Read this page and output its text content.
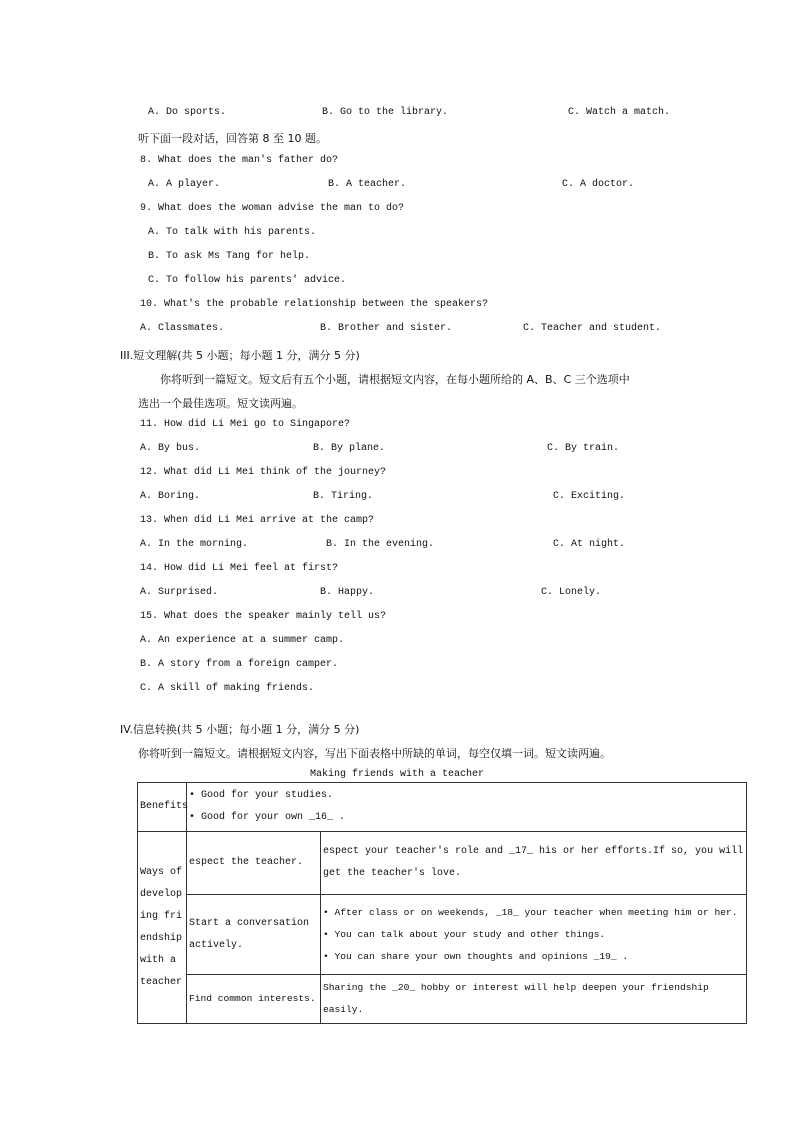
A. Do sports.	B. Go to the library.	C. Watch a match.
听下面一段对话，回答第 8 至 10 题。
8. What does the man's father do?
A. A player.	B. A teacher.	C. A doctor.
9. What does the woman advise the man to do?
A. To talk with his parents.
B. To ask Ms Tang for help.
C. To follow his parents' advice.
10. What's the probable relationship between the speakers?
A. Classmates.	B. Brother and sister.	C. Teacher and student.
III.短文理解(共 5 小题；每小题 1 分，满分 5 分)
你将听到一篇短文。短文后有五个小题，请根据短文内容，在每小题所给的 A、B、C 三个选项中
选出一个最佳选项。短文读两遍。
11. How did Li Mei go to Singapore?
A. By bus.	B. By plane.	C. By train.
12. What did Li Mei think of the journey?
A. Boring.	B. Tiring.	C. Exciting.
13. When did Li Mei arrive at the camp?
A. In the morning.	B. In the evening.	C. At night.
14. How did Li Mei feel at first?
A. Surprised.	B. Happy.	C. Lonely.
15. What does the speaker mainly tell us?
A. An experience at a summer camp.
B. A story from a foreign camper.
C. A skill of making friends.
IV.信息转换(共 5 小题；每小题 1 分，满分 5 分)
你将听到一篇短文。请根据短文内容，写出下面表格中所缺的单词，每空仅填一词。短文读两遍。
Making friends with a teacher
Benefits	• Good for your studies.
• Good for your own _16_ .	

Ways of developing friendship with a teacher	espect the teacher.	espect your teacher's role and _17_ his or her efforts.If so, you will get the teacher's love.
	Start a conversation actively.	• After class or on weekends, _18_ your teacher when meeting him or her.
• You can talk about your study and other things.
• You can share your own thoughts and opinions _19_ .

	Find common interests.	Sharing the _20_ hobby or interest will help deepen your friendship easily.
